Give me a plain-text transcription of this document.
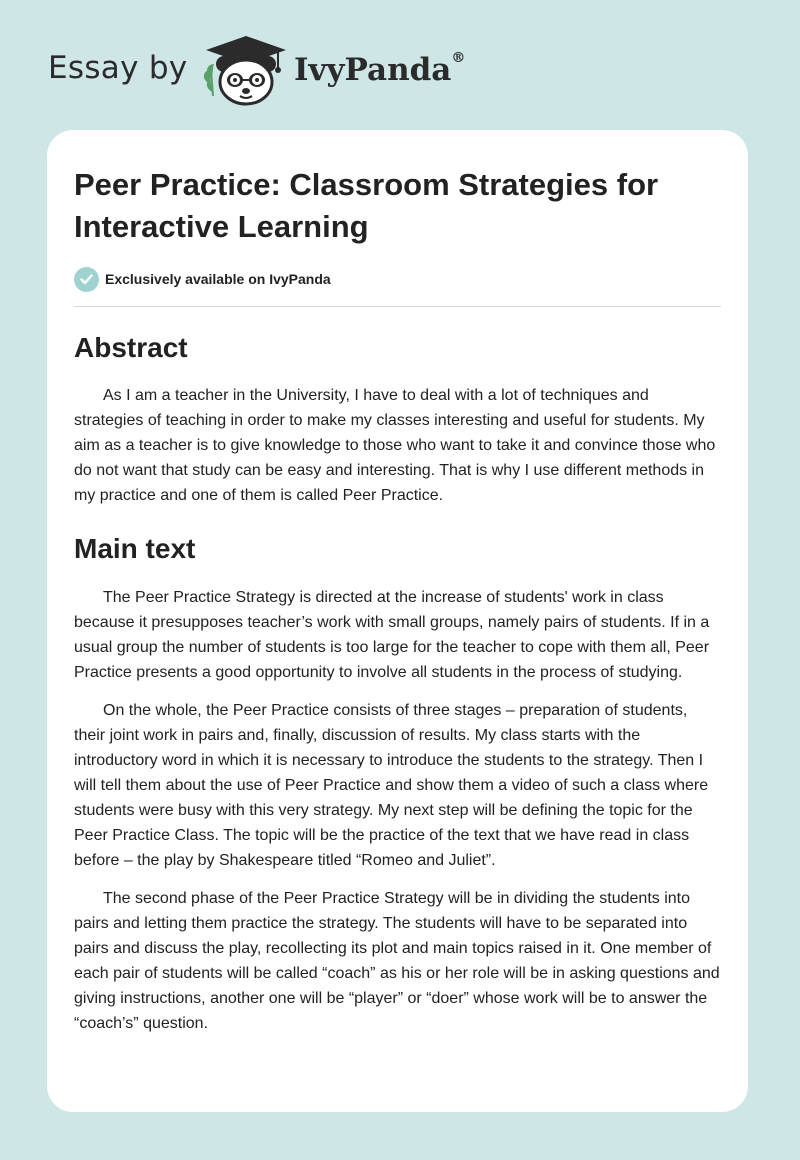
Essay by	IvyPanda®
Peer Practice: Classroom Strategies for Interactive Learning
Exclusively available on IvyPanda
Abstract

As I am a teacher in the University, I have to deal with a lot of techniques and strategies of teaching in order to make my classes interesting and useful for students. My aim as a teacher is to give knowledge to those who want to take it and convince those who do not want that study can be easy and interesting. That is why I use different methods in my practice and one of them is called Peer Practice.

Main text

The Peer Practice Strategy is directed at the increase of students' work in class because it presupposes teacher’s work with small groups, namely pairs of students. If in a usual group the number of students is too large for the teacher to cope with them all, Peer Practice presents a good opportunity to involve all students in the process of studying.

On the whole, the Peer Practice consists of three stages – preparation of students, their joint work in pairs and, finally, discussion of results. My class starts with the introductory word in which it is necessary to introduce the students to the strategy. Then I will tell them about the use of Peer Practice and show them a video of such a class where students were busy with this very strategy. My next step will be defining the topic for the Peer Practice Class. The topic will be the practice of the text that we have read in class before – the play by Shakespeare titled “Romeo and Juliet”.

The second phase of the Peer Practice Strategy will be in dividing the students into pairs and letting them practice the strategy. The students will have to be separated into pairs and discuss the play, recollecting its plot and main topics raised in it. One member of each pair of students will be called “coach” as his or her role will be in asking questions and giving instructions, another one will be “player” or “doer” whose work will be to answer the “coach’s” question.
